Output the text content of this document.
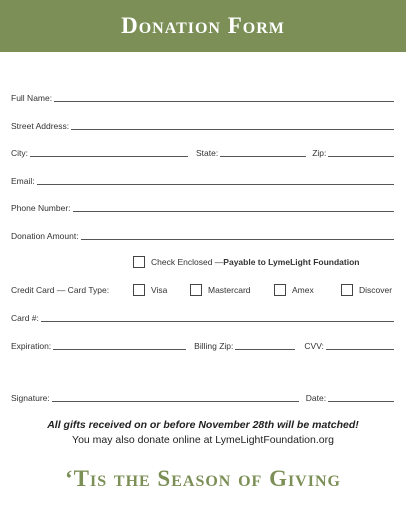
Donation Form
Full Name:
Street Address:
City:	State:	Zip:
Email:
Phone Number:
Donation Amount:
Check Enclosed — Payable to LymeLight Foundation
Credit Card — Card Type:	Visa	Mastercard	Amex	Discover
Card #:
Expiration:	Billing Zip:	CVV:
Signature:	Date:
All gifts received on or before November 28th will be matched!
You may also donate online at LymeLightFoundation.org
‘Tis the Season of Giving
